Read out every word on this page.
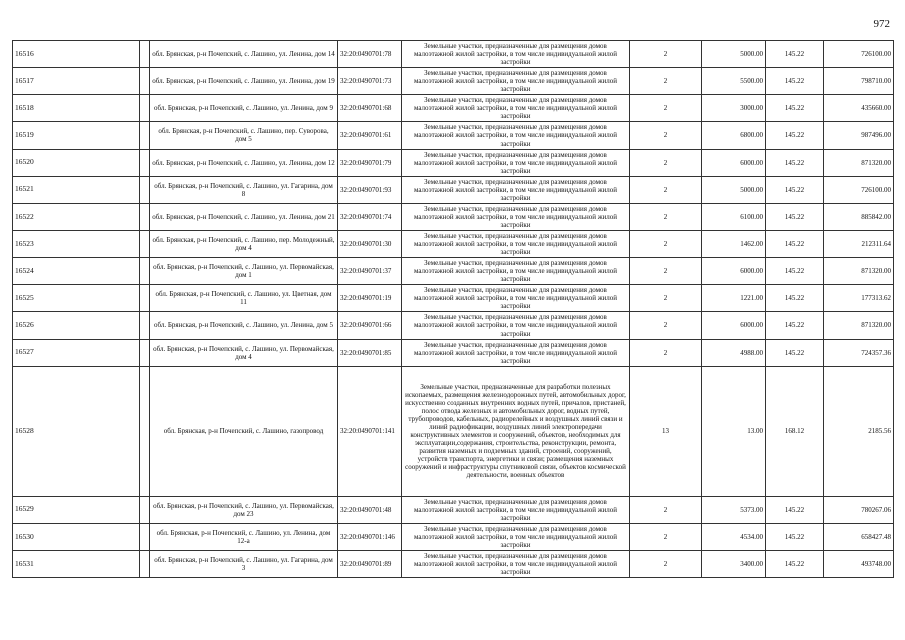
972
16516		обл. Брянская, р-н Почепский, с. Лашино, ул. Ленина, дом 14	32:20:0490701:78	Земельные участки, предназначенные для размещения домов малоэтажной жилой застройки, в том числе индивидуальной жилой застройки	2	5000.00	145.22	726100.00
16517		обл. Брянская, р-н Почепский, с. Лашино, ул. Ленина, дом 19	32:20:0490701:73	Земельные участки, предназначенные для размещения домов малоэтажной жилой застройки, в том числе индивидуальной жилой застройки	2	5500.00	145.22	798710.00
16518		обл. Брянская, р-н Почепский, с. Лашино, ул. Ленина, дом 9	32:20:0490701:68	Земельные участки, предназначенные для размещения домов малоэтажной жилой застройки, в том числе индивидуальной жилой застройки	2	3000.00	145.22	435660.00
16519		обл. Брянская, р-н Почепский, с. Лашино, пер. Суворова, дом 5	32:20:0490701:61	Земельные участки, предназначенные для размещения домов малоэтажной жилой застройки, в том числе индивидуальной жилой застройки	2	6800.00	145.22	987496.00
16520		обл. Брянская, р-н Почепский, с. Лашино, ул. Ленина, дом 12	32:20:0490701:79	Земельные участки, предназначенные для размещения домов малоэтажной жилой застройки, в том числе индивидуальной жилой застройки	2	6000.00	145.22	871320.00
16521		обл. Брянская, р-н Почепский, с. Лашино, ул. Гагарина, дом 8	32:20:0490701:93	Земельные участки, предназначенные для размещения домов малоэтажной жилой застройки, в том числе индивидуальной жилой застройки	2	5000.00	145.22	726100.00
16522		обл. Брянская, р-н Почепский, с. Лашино, ул. Ленина, дом 21	32:20:0490701:74	Земельные участки, предназначенные для размещения домов малоэтажной жилой застройки, в том числе индивидуальной жилой застройки	2	6100.00	145.22	885842.00
16523		обл. Брянская, р-н Почепский, с. Лашино, пер. Молодежный, дом 4	32:20:0490701:30	Земельные участки, предназначенные для размещения домов малоэтажной жилой застройки, в том числе индивидуальной жилой застройки	2	1462.00	145.22	212311.64
16524		обл. Брянская, р-н Почепский, с. Лашино, ул. Первомайская, дом 1	32:20:0490701:37	Земельные участки, предназначенные для размещения домов малоэтажной жилой застройки, в том числе индивидуальной жилой застройки	2	6000.00	145.22	871320.00
16525		обл. Брянская, р-н Почепский, с. Лашино, ул. Цветная, дом 11	32:20:0490701:19	Земельные участки, предназначенные для размещения домов малоэтажной жилой застройки, в том числе индивидуальной жилой застройки	2	1221.00	145.22	177313.62
16526		обл. Брянская, р-н Почепский, с. Лашино, ул. Ленина, дом 5	32:20:0490701:66	Земельные участки, предназначенные для размещения домов малоэтажной жилой застройки, в том числе индивидуальной жилой застройки	2	6000.00	145.22	871320.00
16527		обл. Брянская, р-н Почепский, с. Лашино, ул. Первомайская, дом 4	32:20:0490701:85	Земельные участки, предназначенные для размещения домов малоэтажной жилой застройки, в том числе индивидуальной жилой застройки	2	4988.00	145.22	724357.36
16528		обл. Брянская, р-н Почепский, с. Лашино, газопровод	32:20:0490701:141	Земельные участки, предназначенные для разработки полезных ископаемых, размещения железнодорожных путей, автомобильных дорог, искусственно созданных внутренних водных путей, причалов, пристаней, полос отвода железных и автомобильных дорог, водных путей, трубопроводов, кабельных, радиорелейных и воздушных линий связи и линий радиофикации, воздушных линий электропередачи конструктивных элементов и сооружений, объектов, необходимых для эксплуатации,содержания, строительства, реконструкции, ремонта, развития наземных и подземных зданий, строений, сооружений, устройств транспорта, энергетики и связи; размещения наземных сооружений и инфраструктуры спутниковой связи, объектов космической деятельности, военных объектов	13	13.00	168.12	2185.56
16529		обл. Брянская, р-н Почепский, с. Лашино, ул. Первомайская, дом 23	32:20:0490701:48	Земельные участки, предназначенные для размещения домов малоэтажной жилой застройки, в том числе индивидуальной жилой застройки	2	5373.00	145.22	780267.06
16530		обл. Брянская, р-н Почепский, с. Лашино, ул. Ленина, дом 12-а	32:20:0490701:146	Земельные участки, предназначенные для размещения домов малоэтажной жилой застройки, в том числе индивидуальной жилой застройки	2	4534.00	145.22	658427.48
16531		обл. Брянская, р-н Почепский, с. Лашино, ул. Гагарина, дом 3	32:20:0490701:89	Земельные участки, предназначенные для размещения домов малоэтажной жилой застройки, в том числе индивидуальной жилой застройки	2	3400.00	145.22	493748.00
